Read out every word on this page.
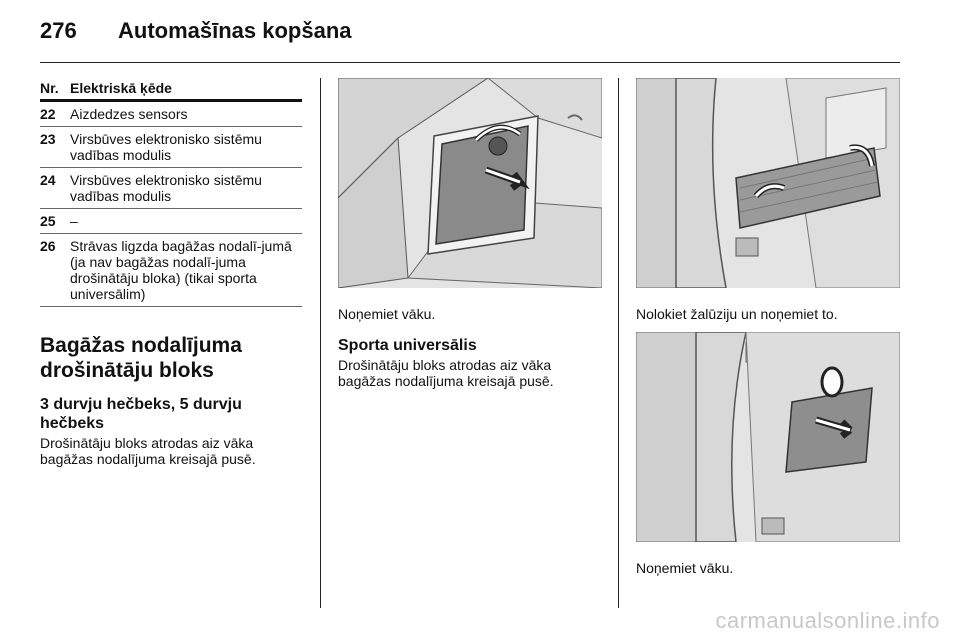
276	Automašīnas kopšana
Nr. Elektriskā ķēde
22	Aizdedzes sensors
23	Virsbūves elektronisko sistēmu vadības modulis
24	Virsbūves elektronisko sistēmu vadības modulis
25	–
26	Strāvas ligzda bagāžas nodalī-jumā (ja nav bagāžas nodalī-juma drošinātāju bloka) (tikai sporta universālim)
Bagāžas nodalījuma drošinātāju bloks
3 durvju hečbeks, 5 durvju hečbeks
Drošinātāju bloks atrodas aiz vāka bagāžas nodalījuma kreisajā pusē.
Noņemiet vāku.
Sporta universālis
Drošinātāju bloks atrodas aiz vāka bagāžas nodalījuma kreisajā pusē.
Nolokiet žalūziju un noņemiet to.
Noņemiet vāku.
carmanualsonline.info
